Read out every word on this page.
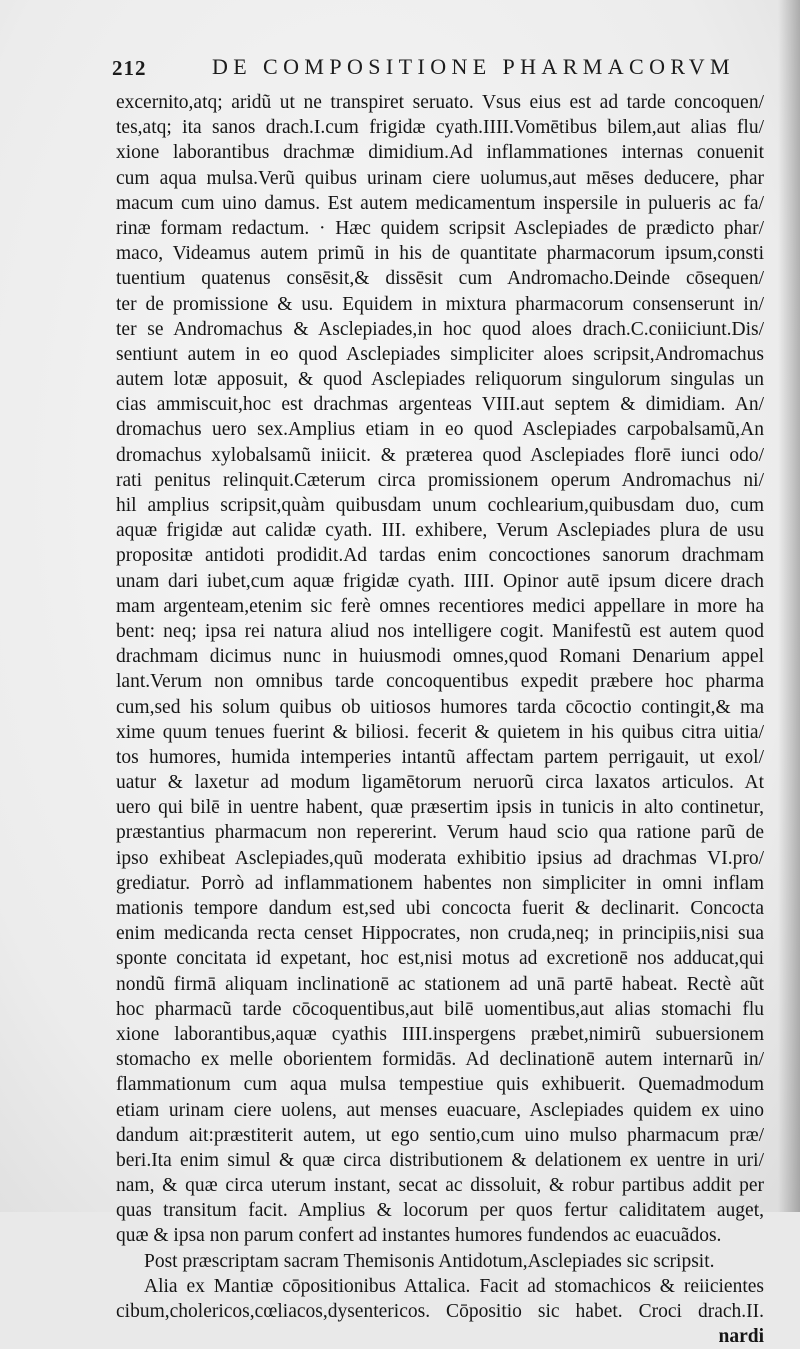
212	DE COMPOSITIONE PHARMACORVM
excernito,atq; aridũ ut ne transpiret seruato. Vsus eius est ad tarde concoquen/
tes,atq; ita sanos drach.I.cum frigidæ cyath.IIII.Vomētibus bilem,aut alias flu/
xione laborantibus drachmæ dimidium.Ad inflammationes internas conuenit
cum aqua mulsa.Verũ quibus urinam ciere uolumus,aut mēses deducere, phar
macum cum uino damus. Est autem medicamentum inspersile in pulueris ac fa/
rinæ formam redactum. · Hæc quidem scripsit Asclepiades de prædicto phar/
maco, Videamus autem primũ in his de quantitate pharmacorum ipsum,consti
tuentium quatenus consēsit,& dissēsit cum Andromacho.Deinde cōsequen/
ter de promissione & usu. Equidem in mixtura pharmacorum consenserunt in/
ter se Andromachus & Asclepiades,in hoc quod aloes drach.C.coniiciunt.Dis/
sentiunt autem in eo quod Asclepiades simpliciter aloes scripsit,Andromachus
autem lotæ apposuit, & quod Asclepiades reliquorum singulorum singulas un
cias ammiscuit,hoc est drachmas argenteas VIII.aut septem & dimidiam. An/
dromachus uero sex.Amplius etiam in eo quod Asclepiades carpobalsamũ,An
dromachus xylobalsamũ iniicit. & præterea quod Asclepiades florē iunci odo/
rati penitus relinquit.Cæterum circa promissionem operum Andromachus ni/
hil amplius scripsit,quàm quibusdam unum cochlearium,quibusdam duo, cum
aquæ frigidæ aut calidæ cyath. III. exhibere, Verum Asclepiades plura de usu
propositæ antidoti prodidit.Ad tardas enim concoctiones sanorum drachmam
unam dari iubet,cum aquæ frigidæ cyath. IIII. Opinor autē ipsum dicere drach
mam argenteam,etenim sic ferè omnes recentiores medici appellare in more ha
bent: neq; ipsa rei natura aliud nos intelligere cogit. Manifestũ est autem quod
drachmam dicimus nunc in huiusmodi omnes,quod Romani Denarium appel
lant.Verum non omnibus tarde concoquentibus expedit præbere hoc pharma
cum,sed his solum quibus ob uitiosos humores tarda cōcoctio contingit,& ma
xime quum tenues fuerint & biliosi. fecerit & quietem in his quibus citra uitia/
tos humores, humida intemperies intantũ affectam partem perrigauit, ut exol/
uatur & laxetur ad modum ligamētorum neruorũ circa laxatos articulos. At
uero qui bilē in uentre habent, quæ præsertim ipsis in tunicis in alto continetur,
præstantius pharmacum non repererint. Verum haud scio qua ratione parũ de
ipso exhibeat Asclepiades,quũ moderata exhibitio ipsius ad drachmas VI.pro/
grediatur. Porrò ad inflammationem habentes non simpliciter in omni inflam
mationis tempore dandum est,sed ubi concocta fuerit & declinarit. Concocta
enim medicanda recta censet Hippocrates, non cruda,neq; in principiis,nisi sua
sponte concitata id expetant, hoc est,nisi motus ad excretionē nos adducat,qui
nondũ firmā aliquam inclinationē ac stationem ad unā partē habeat. Rectè aũt
hoc pharmacũ tarde cōcoquentibus,aut bilē uomentibus,aut alias stomachi flu
xione laborantibus,aquæ cyathis IIII.inspergens præbet,nimirũ subuersionem
stomacho ex melle oborientem formidās. Ad declinationē autem internarũ in/
flammationum cum aqua mulsa tempestiue quis exhibuerit. Quemadmodum
etiam urinam ciere uolens, aut menses euacuare, Asclepiades quidem ex uino
dandum ait:præstiterit autem, ut ego sentio,cum uino mulso pharmacum præ/
beri.Ita enim simul & quæ circa distributionem & delationem ex uentre in uri/
nam, & quæ circa uterum instant, secat ac dissoluit, & robur partibus addit per
quas transitum facit. Amplius & locorum per quos fertur caliditatem auget,
quæ & ipsa non parum confert ad instantes humores fundendos ac euacuãdos.
Post præscriptam sacram Themisonis Antidotum,Asclepiades sic scripsit.
Alia ex Mantiæ cōpositionibus Attalica. Facit ad stomachicos & reiicientes
cibum,cholericos,cœliacos,dysentericos. Cōpositio sic habet. Croci drach.II.
nardi
